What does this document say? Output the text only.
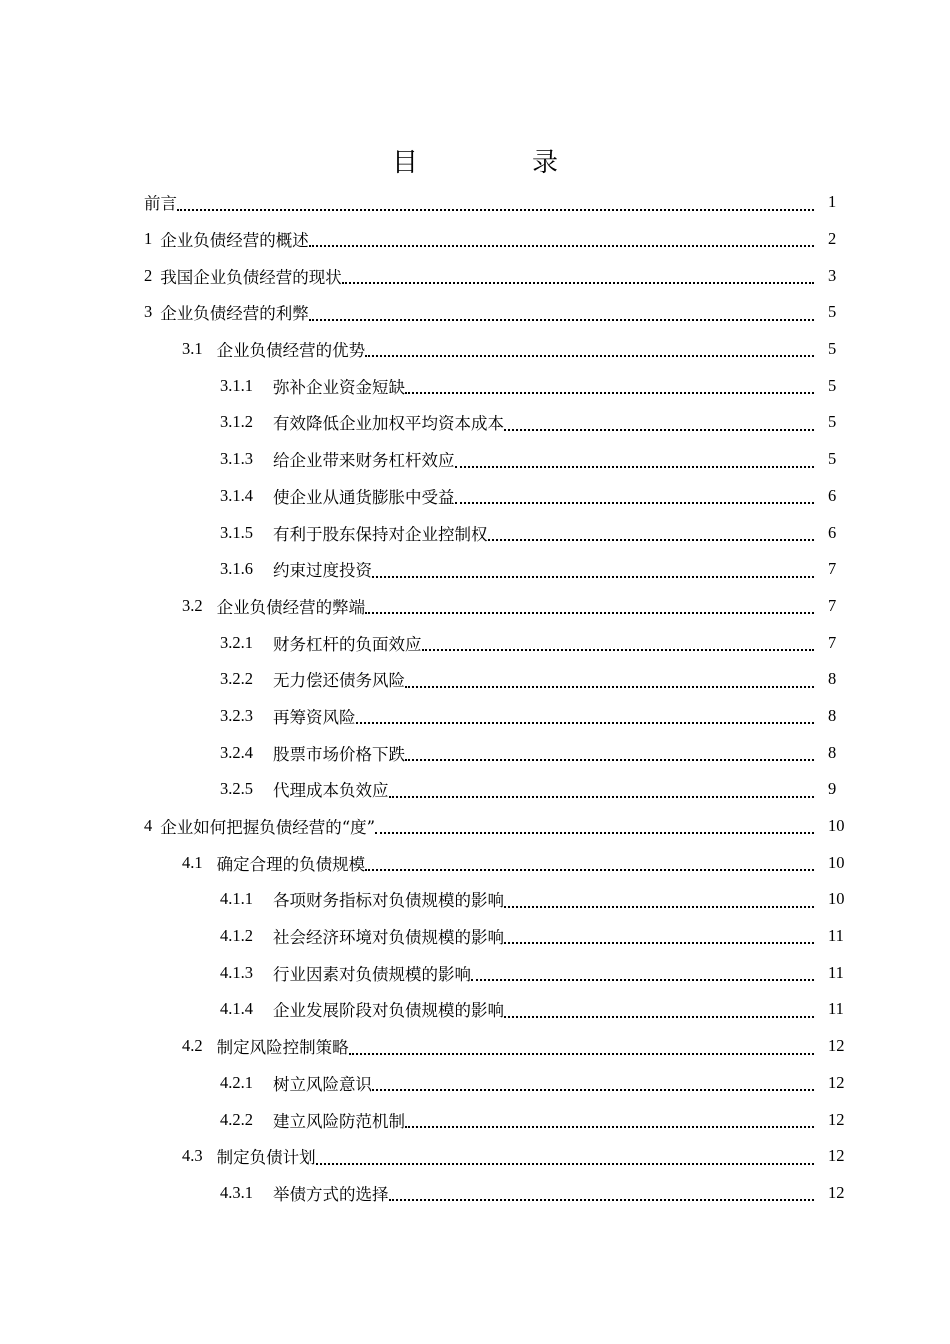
目　录
前言	1
1 企业负债经营的概述	2
2 我国企业负债经营的现状	3
3 企业负债经营的利弊	5
3.1 企业负债经营的优势	5
3.1.1 弥补企业资金短缺	5
3.1.2 有效降低企业加权平均资本成本	5
3.1.3 给企业带来财务杠杆效应	5
3.1.4 使企业从通货膨胀中受益	6
3.1.5 有利于股东保持对企业控制权	6
3.1.6 约束过度投资	7
3.2 企业负债经营的弊端	7
3.2.1 财务杠杆的负面效应	7
3.2.2 无力偿还债务风险	8
3.2.3 再筹资风险	8
3.2.4 股票市场价格下跌	8
3.2.5 代理成本负效应	9
4 企业如何把握负债经营的“度”	10
4.1 确定合理的负债规模	10
4.1.1 各项财务指标对负债规模的影响	10
4.1.2 社会经济环境对负债规模的影响	11
4.1.3 行业因素对负债规模的影响	11
4.1.4 企业发展阶段对负债规模的影响	11
4.2 制定风险控制策略	12
4.2.1 树立风险意识	12
4.2.2 建立风险防范机制	12
4.3 制定负债计划	12
4.3.1 举债方式的选择	12
